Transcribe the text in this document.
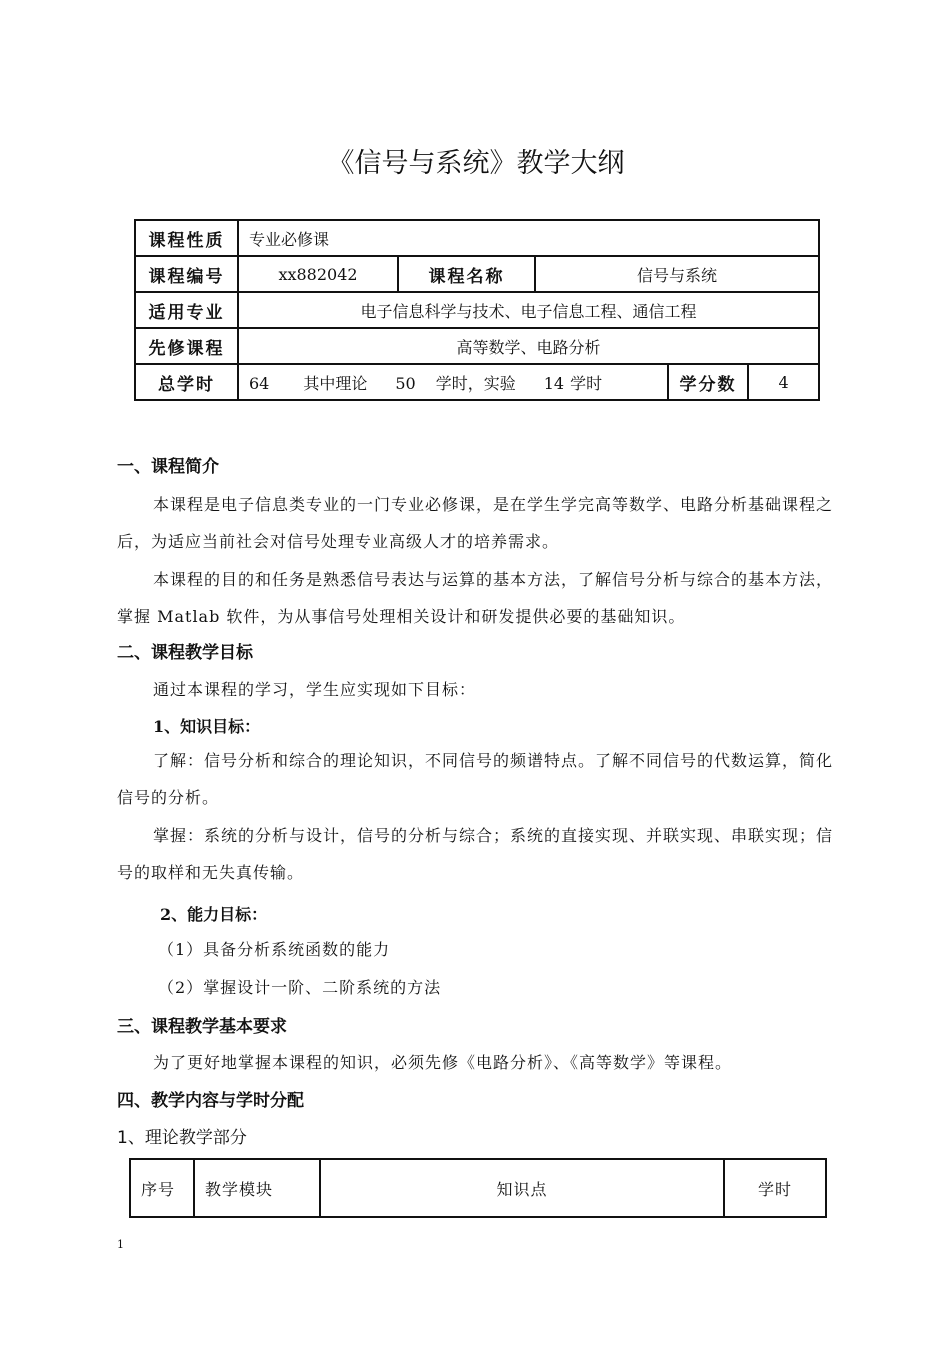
《信号与系统》教学大纲
课程性质	专业必修课				
课程编号	xx882042	课程名称	信号与系统		
适用专业	电子信息科学与技术、电子信息工程、通信工程				
先修课程	高等数学、电路分析				
总学时	64 其中理论 50 学时，实验 14 学时			学分数	4
一、课程简介
本课程是电子信息类专业的一门专业必修课，是在学生学完高等数学、电路分析基础课程之后，为适应当前社会对信号处理专业高级人才的培养需求。
本课程的目的和任务是熟悉信号表达与运算的基本方法，了解信号分析与综合的基本方法，掌握 Matlab 软件，为从事信号处理相关设计和研发提供必要的基础知识。
二、课程教学目标
通过本课程的学习，学生应实现如下目标：
1、知识目标：
了解：信号分析和综合的理论知识，不同信号的频谱特点。了解不同信号的代数运算，简化信号的分析。
掌握：系统的分析与设计，信号的分析与综合；系统的直接实现、并联实现、串联实现；信号的取样和无失真传输。
2、能力目标：
（1）具备分析系统函数的能力
（2）掌握设计一阶、二阶系统的方法
三、课程教学基本要求
为了更好地掌握本课程的知识，必须先修《电路分析》、《高等数学》等课程。
四、教学内容与学时分配
1、理论教学部分
序号	教学模块	知识点	学时
1
